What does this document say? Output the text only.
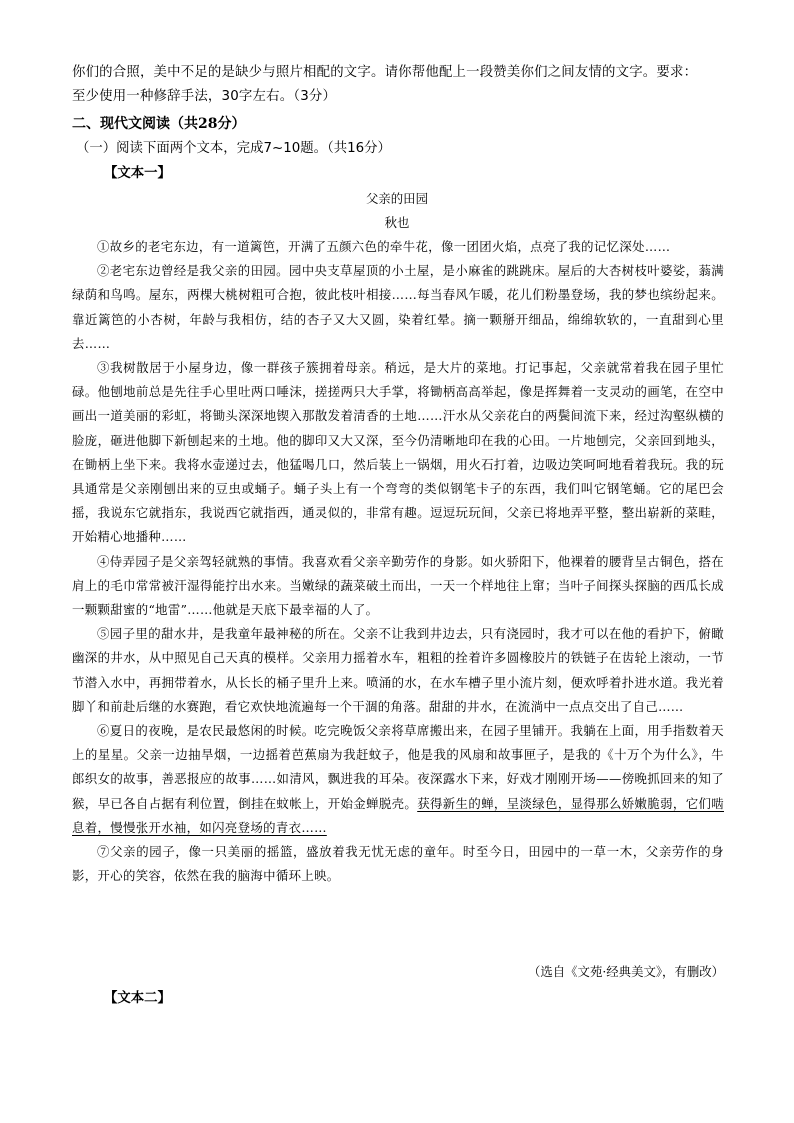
你们的合照，美中不足的是缺少与照片相配的文字。请你帮他配上一段赞美你们之间友情的文字。要求：

至少使用一种修辞手法，30字左右。（3分）

二、现代文阅读（共28分）
（一）阅读下面两个文本，完成7~10题。（共16分）
【文本一】
父亲的田园
秋也

①故乡的老宅东边，有一道篱笆，开满了五颜六色的牵牛花，像一团团火焰，点亮了我的记忆深处……

②老宅东边曾经是我父亲的田园。园中央支草屋顶的小土屋，是小麻雀的跳跳床。屋后的大杏树枝叶婆娑，蓊满绿荫和鸟鸣。屋东，两棵大桃树粗可合抱，彼此枝叶相接……每当春风乍暖，花儿们粉墨登场，我的梦也缤纷起来。靠近篱笆的小杏树，年龄与我相仿，结的杏子又大又圆，染着红晕。摘一颗掰开细品，绵绵软软的，一直甜到心里去……

③我树散居于小屋身边，像一群孩子簇拥着母亲。稍远，是大片的菜地。打记事起，父亲就常着我在园子里忙碌。他刨地前总是先往手心里吐两口唾沫，搓搓两只大手掌，将锄柄高高举起，像是挥舞着一支灵动的画笔，在空中画出一道美丽的彩虹，将锄头深深地锲入那散发着清香的土地……汗水从父亲花白的两鬓间流下来，经过沟壑纵横的脸庞，砸进他脚下新刨起来的土地。他的脚印又大又深，至今仍清晰地印在我的心田。一片地刨完，父亲回到地头，在锄柄上坐下来。我将水壶递过去，他猛喝几口，然后装上一锅烟，用火石打着，边吸边笑呵呵地看着我玩。我的玩具通常是父亲刚刨出来的豆虫或蛹子。蛹子头上有一个弯弯的类似钢笔卡子的东西，我们叫它钢笔蛹。它的尾巴会摇，我说东它就指东，我说西它就指西，通灵似的，非常有趣。逗逗玩玩间，父亲已将地弄平整，整出崭新的菜畦，开始精心地播种……

④侍弄园子是父亲驾轻就熟的事情。我喜欢看父亲辛勤劳作的身影。如火骄阳下，他裸着的腰背呈古铜色，搭在肩上的毛巾常常被汗湿得能拧出水来。当嫩绿的蔬菜破土而出，一天一个样地往上窜；当叶子间探头探脑的西瓜长成一颗颗甜蜜的“地雷”……他就是天底下最幸福的人了。

⑤园子里的甜水井，是我童年最神秘的所在。父亲不让我到井边去，只有浇园时，我才可以在他的看护下，俯瞰幽深的井水，从中照见自己天真的模样。父亲用力摇着水车，粗粗的拴着许多圆橡胶片的铁链子在齿轮上滚动，一节节潜入水中，再拥带着水，从长长的桶子里升上来。喷涌的水，在水车槽子里小流片刻，便欢呼着扑进水道。我光着脚丫和前赴后继的水赛跑，看它欢快地流遍每一个干涸的角落。甜甜的井水，在流淌中一点点交出了自己……

⑥夏日的夜晚，是农民最悠闲的时候。吃完晚饭父亲将草席搬出来，在园子里铺开。我躺在上面，用手指数着天上的星星。父亲一边抽旱烟，一边摇着芭蕉扇为我赶蚊子，他是我的风扇和故事匣子，是我的《十万个为什么》，牛郎织女的故事，善恶报应的故事……如清风，飘进我的耳朵。夜深露水下来，好戏才刚刚开场——傍晚抓回来的知了猴，早已各自占据有利位置，倒挂在蚊帐上，开始金蝉脱壳。获得新生的蝉，呈淡绿色，显得那么娇嫩脆弱，它们啮息着，慢慢张开水袖，如闪亮登场的青衣……

⑦父亲的园子，像一只美丽的摇篮，盛放着我无忧无虑的童年。时至今日，田园中的一草一木，父亲劳作的身影，开心的笑容，依然在我的脑海中循环上映。

（选自《文苑·经典美文》，有删改）
【文本二】
